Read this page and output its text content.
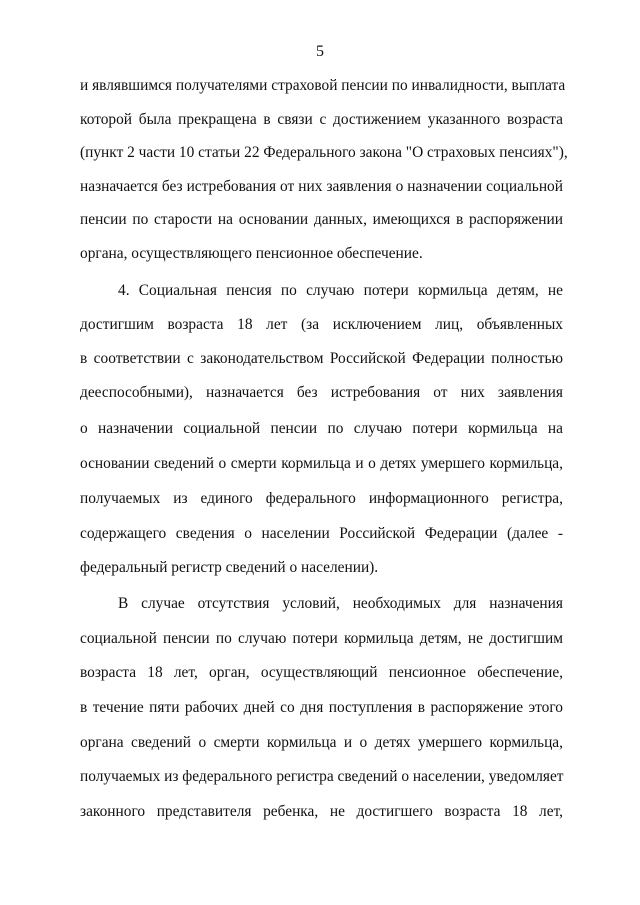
5
и являвшимся получателями страховой пенсии по инвалидности, выплата
которой была прекращена в связи с достижением указанного возраста
(пункт 2 части 10 статьи 22 Федерального закона "О страховых пенсиях"),
назначается без истребования от них заявления о назначении социальной
пенсии по старости на основании данных, имеющихся в распоряжении
органа, осуществляющего пенсионное обеспечение.
4. Социальная пенсия по случаю потери кормильца детям, не
достигшим возраста 18 лет (за исключением лиц, объявленных
в соответствии с законодательством Российской Федерации полностью
дееспособными), назначается без истребования от них заявления
о назначении социальной пенсии по случаю потери кормильца на
основании сведений о смерти кормильца и о детях умершего кормильца,
получаемых из единого федерального информационного регистра,
содержащего сведения о населении Российской Федерации (далее -
федеральный регистр сведений о населении).
В случае отсутствия условий, необходимых для назначения
социальной пенсии по случаю потери кормильца детям, не достигшим
возраста 18 лет, орган, осуществляющий пенсионное обеспечение,
в течение пяти рабочих дней со дня поступления в распоряжение этого
органа сведений о смерти кормильца и о детях умершего кормильца,
получаемых из федерального регистра сведений о населении, уведомляет
законного представителя ребенка, не достигшего возраста 18 лет,
